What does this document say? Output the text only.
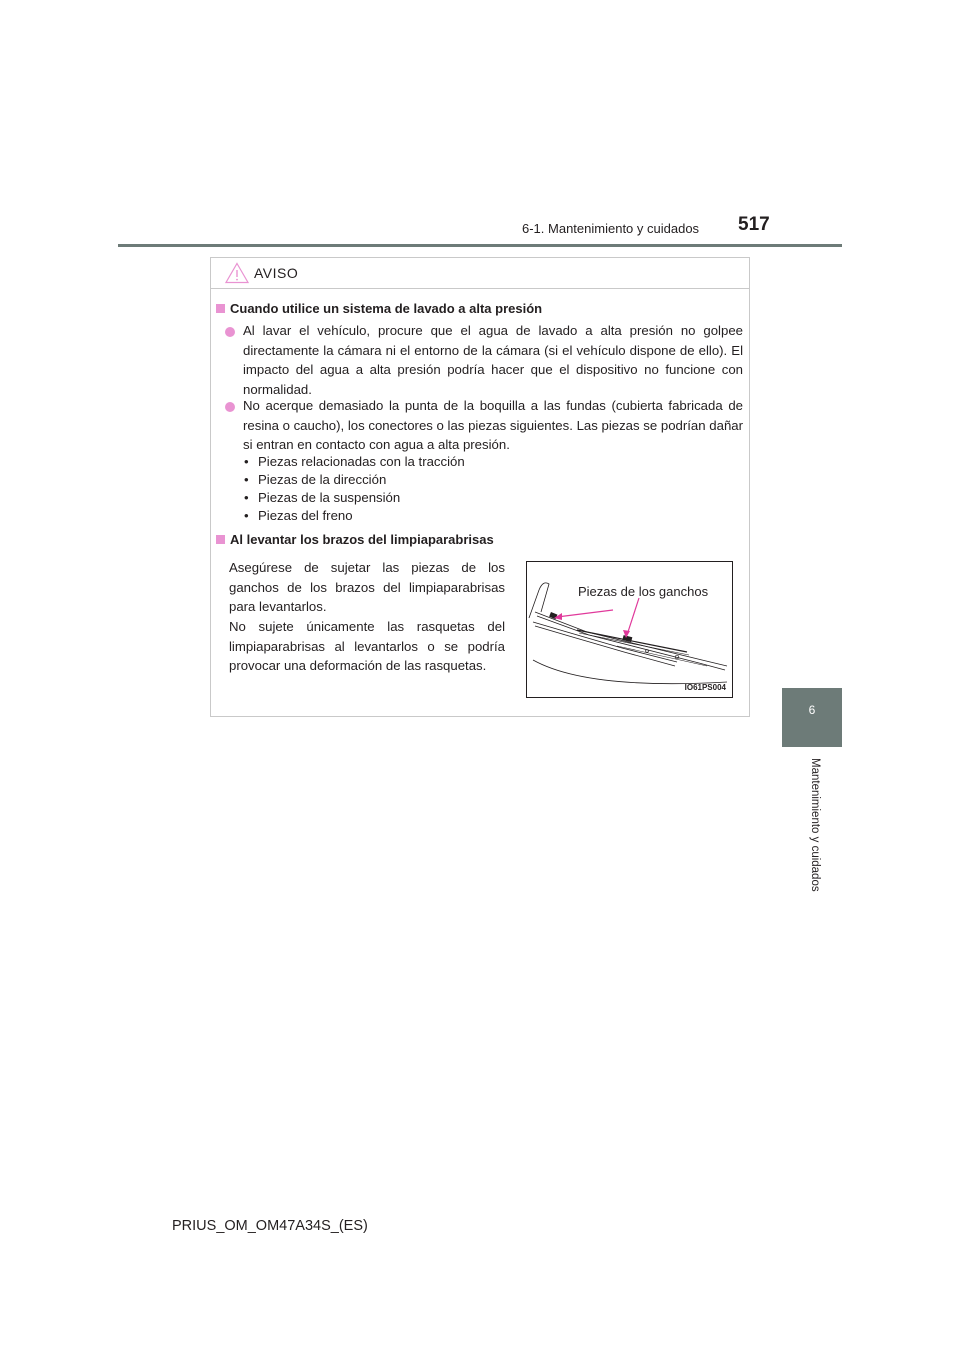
6-1. Mantenimiento y cuidados 517
6
Mantenimiento y cuidados
AVISO
Cuando utilice un sistema de lavado a alta presión
Al lavar el vehículo, procure que el agua de lavado a alta presión no golpee directamente la cámara ni el entorno de la cámara (si el vehículo dispone de ello). El impacto del agua a alta presión podría hacer que el dispositivo no funcione con normalidad.
No acerque demasiado la punta de la boquilla a las fundas (cubierta fabricada de resina o caucho), los conectores o las piezas siguientes. Las piezas se podrían dañar si entran en contacto con agua a alta presión.
• Piezas relacionadas con la tracción
• Piezas de la dirección
• Piezas de la suspensión
• Piezas del freno
Al levantar los brazos del limpiaparabrisas
Asegúrese de sujetar las piezas de los ganchos de los brazos del limpiaparabrisas para levantarlos.
No sujete únicamente las rasquetas del limpiaparabrisas al levantarlos o se podría provocar una deformación de las rasquetas.
Piezas de los ganchos
IO61PS004
PRIUS_OM_OM47A34S_(ES)
